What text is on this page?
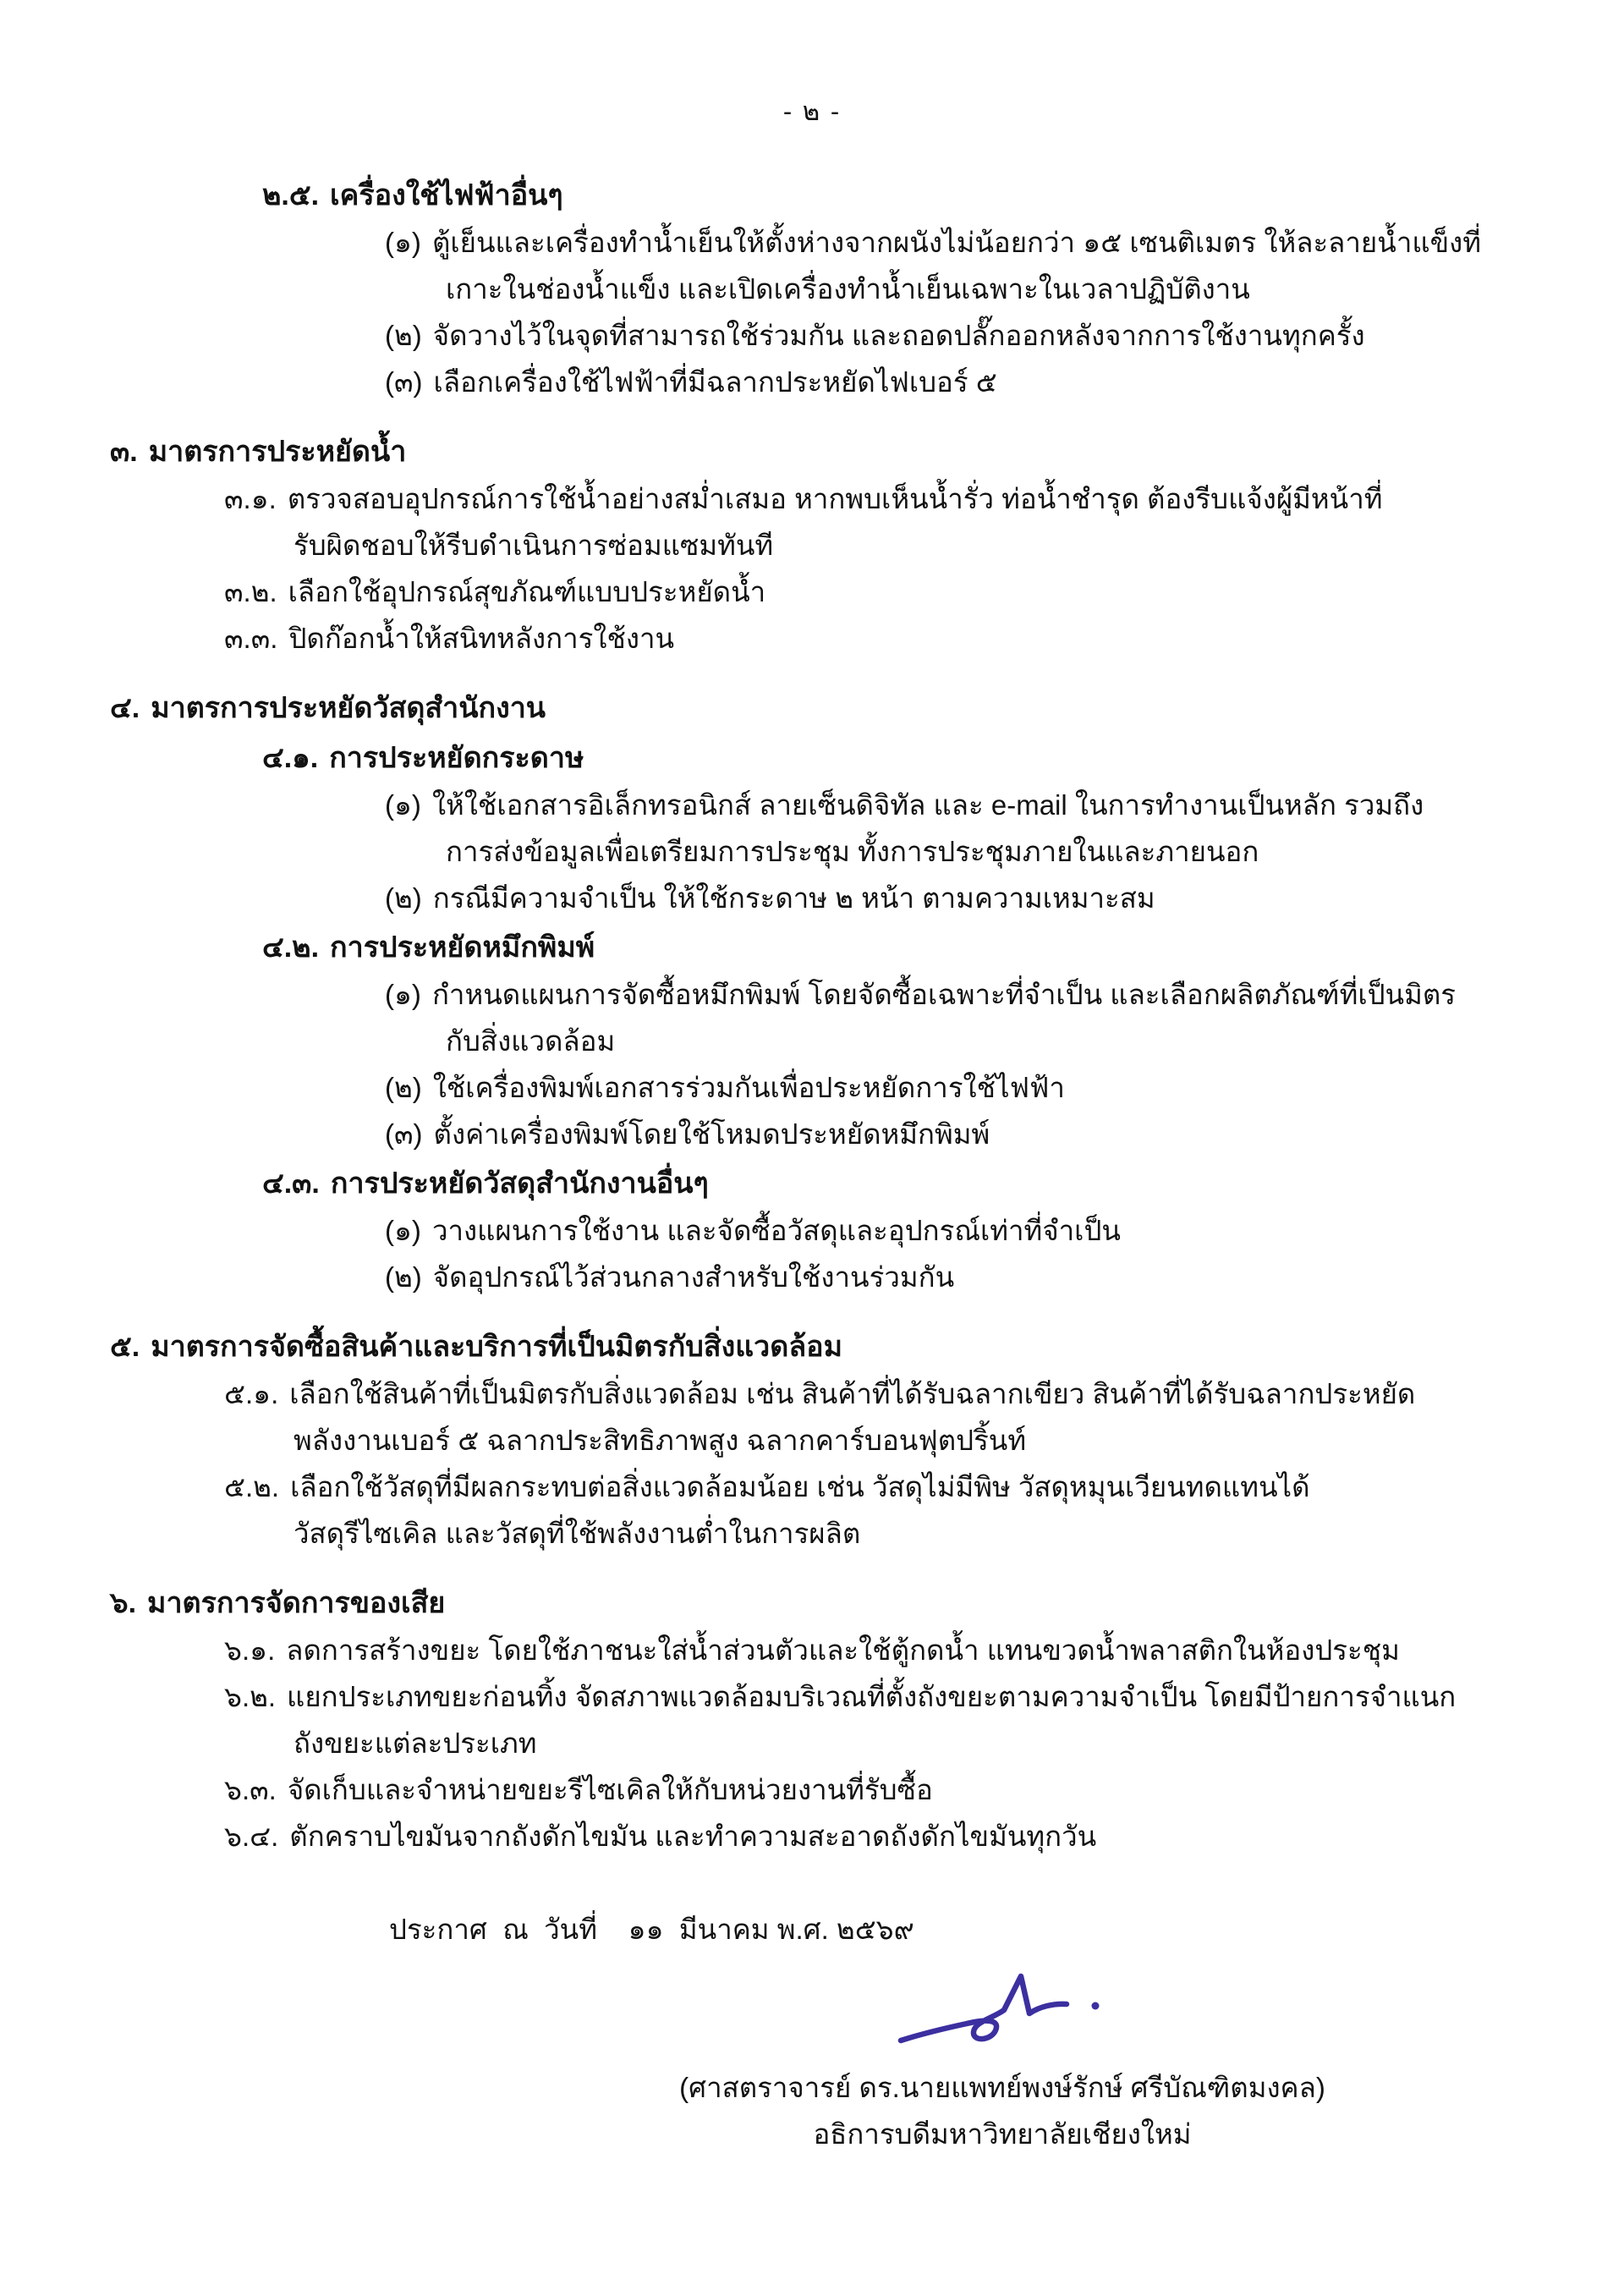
- ๒ -
๒.๕. เครื่องใช้ไฟฟ้าอื่นๆ
(๑) ตู้เย็นและเครื่องทำน้ำเย็นให้ตั้งห่างจากผนังไม่น้อยกว่า ๑๕ เซนติเมตร ให้ละลายน้ำแข็งที่
เกาะในช่องน้ำแข็ง และเปิดเครื่องทำน้ำเย็นเฉพาะในเวลาปฏิบัติงาน
(๒) จัดวางไว้ในจุดที่สามารถใช้ร่วมกัน และถอดปลั๊กออกหลังจากการใช้งานทุกครั้ง
(๓) เลือกเครื่องใช้ไฟฟ้าที่มีฉลากประหยัดไฟเบอร์ ๕
๓. มาตรการประหยัดน้ำ
๓.๑. ตรวจสอบอุปกรณ์การใช้น้ำอย่างสม่ำเสมอ หากพบเห็นน้ำรั่ว ท่อน้ำชำรุด ต้องรีบแจ้งผู้มีหน้าที่
รับผิดชอบให้รีบดำเนินการซ่อมแซมทันที
๓.๒. เลือกใช้อุปกรณ์สุขภัณฑ์แบบประหยัดน้ำ
๓.๓. ปิดก๊อกน้ำให้สนิทหลังการใช้งาน
๔. มาตรการประหยัดวัสดุสำนักงาน
๔.๑. การประหยัดกระดาษ
(๑) ให้ใช้เอกสารอิเล็กทรอนิกส์ ลายเซ็นดิจิทัล และ e-mail ในการทำงานเป็นหลัก รวมถึง
การส่งข้อมูลเพื่อเตรียมการประชุม ทั้งการประชุมภายในและภายนอก
(๒) กรณีมีความจำเป็น ให้ใช้กระดาษ ๒ หน้า ตามความเหมาะสม
๔.๒. การประหยัดหมึกพิมพ์
(๑) กำหนดแผนการจัดซื้อหมึกพิมพ์ โดยจัดซื้อเฉพาะที่จำเป็น และเลือกผลิตภัณฑ์ที่เป็นมิตร
กับสิ่งแวดล้อม
(๒) ใช้เครื่องพิมพ์เอกสารร่วมกันเพื่อประหยัดการใช้ไฟฟ้า
(๓) ตั้งค่าเครื่องพิมพ์โดยใช้โหมดประหยัดหมึกพิมพ์
๔.๓. การประหยัดวัสดุสำนักงานอื่นๆ
(๑) วางแผนการใช้งาน และจัดซื้อวัสดุและอุปกรณ์เท่าที่จำเป็น
(๒) จัดอุปกรณ์ไว้ส่วนกลางสำหรับใช้งานร่วมกัน
๕. มาตรการจัดซื้อสินค้าและบริการที่เป็นมิตรกับสิ่งแวดล้อม
๕.๑. เลือกใช้สินค้าที่เป็นมิตรกับสิ่งแวดล้อม เช่น สินค้าที่ได้รับฉลากเขียว สินค้าที่ได้รับฉลากประหยัด
พลังงานเบอร์ ๕ ฉลากประสิทธิภาพสูง ฉลากคาร์บอนฟุตปริ้นท์
๕.๒. เลือกใช้วัสดุที่มีผลกระทบต่อสิ่งแวดล้อมน้อย เช่น วัสดุไม่มีพิษ วัสดุหมุนเวียนทดแทนได้
วัสดุรีไซเคิล และวัสดุที่ใช้พลังงานต่ำในการผลิต
๖. มาตรการจัดการของเสีย
๖.๑. ลดการสร้างขยะ โดยใช้ภาชนะใส่น้ำส่วนตัวและใช้ตู้กดน้ำ แทนขวดน้ำพลาสติกในห้องประชุม
๖.๒. แยกประเภทขยะก่อนทิ้ง จัดสภาพแวดล้อมบริเวณที่ตั้งถังขยะตามความจำเป็น โดยมีป้ายการจำแนก
ถังขยะแต่ละประเภท
๖.๓. จัดเก็บและจำหน่ายขยะรีไซเคิลให้กับหน่วยงานที่รับซื้อ
๖.๔. ตักคราบไขมันจากถังดักไขมัน และทำความสะอาดถังดักไขมันทุกวัน
ประกาศ  ณ  วันที่    ๑๑  มีนาคม พ.ศ. ๒๕๖๙
(ศาสตราจารย์ ดร.นายแพทย์พงษ์รักษ์ ศรีบัณฑิตมงคล)
อธิการบดีมหาวิทยาลัยเชียงใหม่
